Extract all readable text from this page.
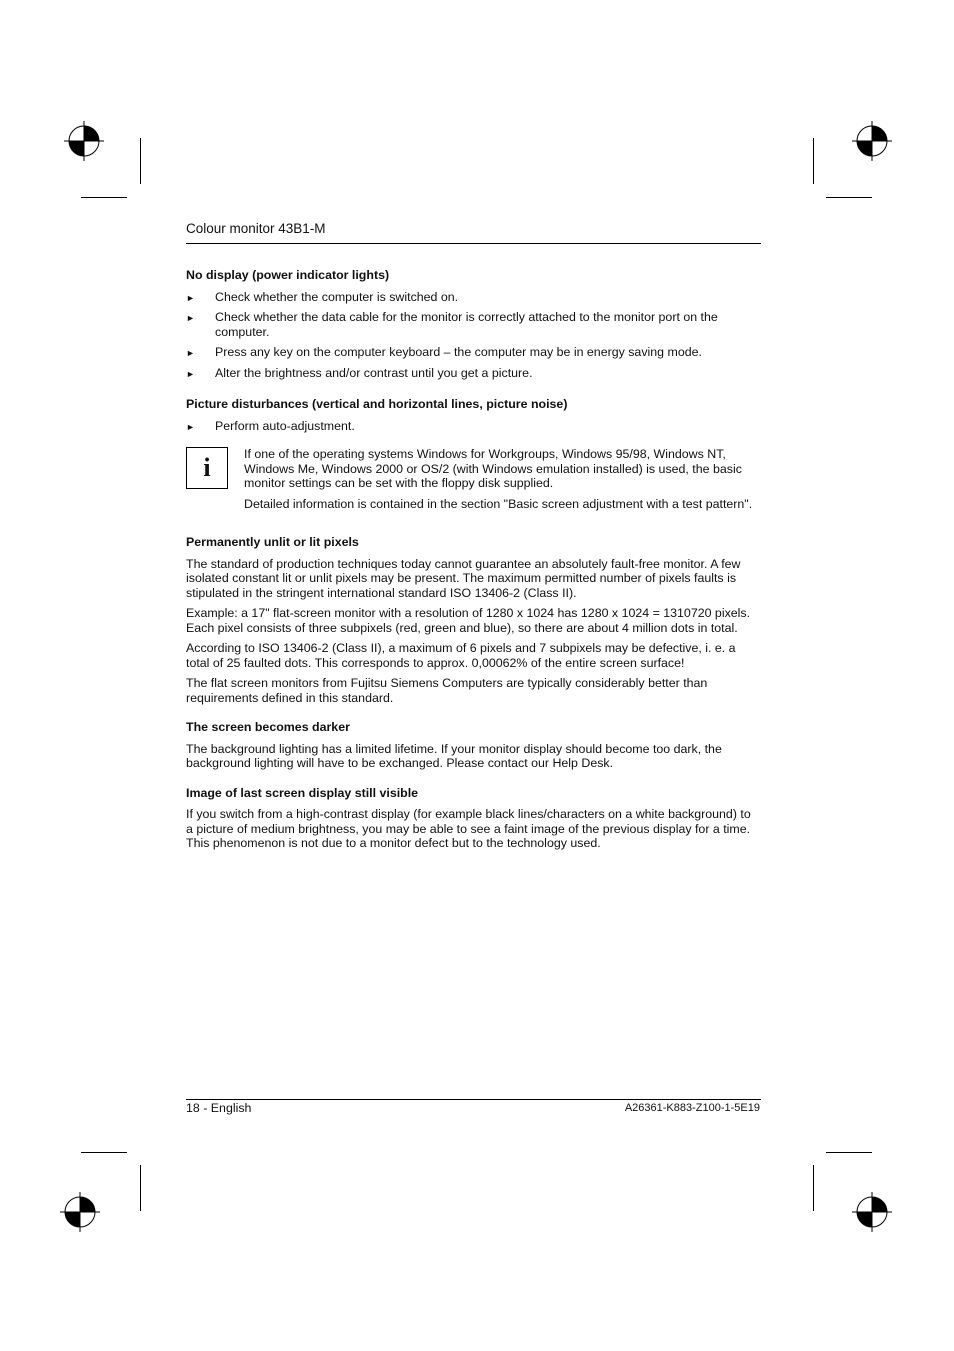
Colour monitor 43B1-M
No display (power indicator lights)
► Check whether the computer is switched on.
► Check whether the data cable for the monitor is correctly attached to the monitor port on the computer.
► Press any key on the computer keyboard – the computer may be in energy saving mode.
► Alter the brightness and/or contrast until you get a picture.
Picture disturbances (vertical and horizontal lines, picture noise)
► Perform auto-adjustment.
i	If one of the operating systems Windows for Workgroups, Windows 95/98, Windows NT, Windows Me, Windows 2000 or OS/2 (with Windows emulation installed) is used, the basic monitor settings can be set with the floppy disk supplied.

Detailed information is contained in the section "Basic screen adjustment with a test pattern".

Permanently unlit or lit pixels

The standard of production techniques today cannot guarantee an absolutely fault-free monitor. A few isolated constant lit or unlit pixels may be present. The maximum permitted number of pixels faults is stipulated in the stringent international standard ISO 13406-2 (Class II).

Example: a 17" flat-screen monitor with a resolution of 1280 x 1024 has 1280 x 1024 = 1310720 pixels. Each pixel consists of three subpixels (red, green and blue), so there are about 4 million dots in total.

According to ISO 13406-2 (Class II), a maximum of 6 pixels and 7 subpixels may be defective, i. e. a total of 25 faulted dots. This corresponds to approx. 0,00062% of the entire screen surface!

The flat screen monitors from Fujitsu Siemens Computers are typically considerably better than requirements defined in this standard.

The screen becomes darker

The background lighting has a limited lifetime. If your monitor display should become too dark, the background lighting will have to be exchanged. Please contact our Help Desk.

Image of last screen display still visible

If you switch from a high-contrast display (for example black lines/characters on a white background) to a picture of medium brightness, you may be able to see a faint image of the previous display for a time. This phenomenon is not due to a monitor defect but to the technology used.

18 - English	A26361-K883-Z100-1-5E19
